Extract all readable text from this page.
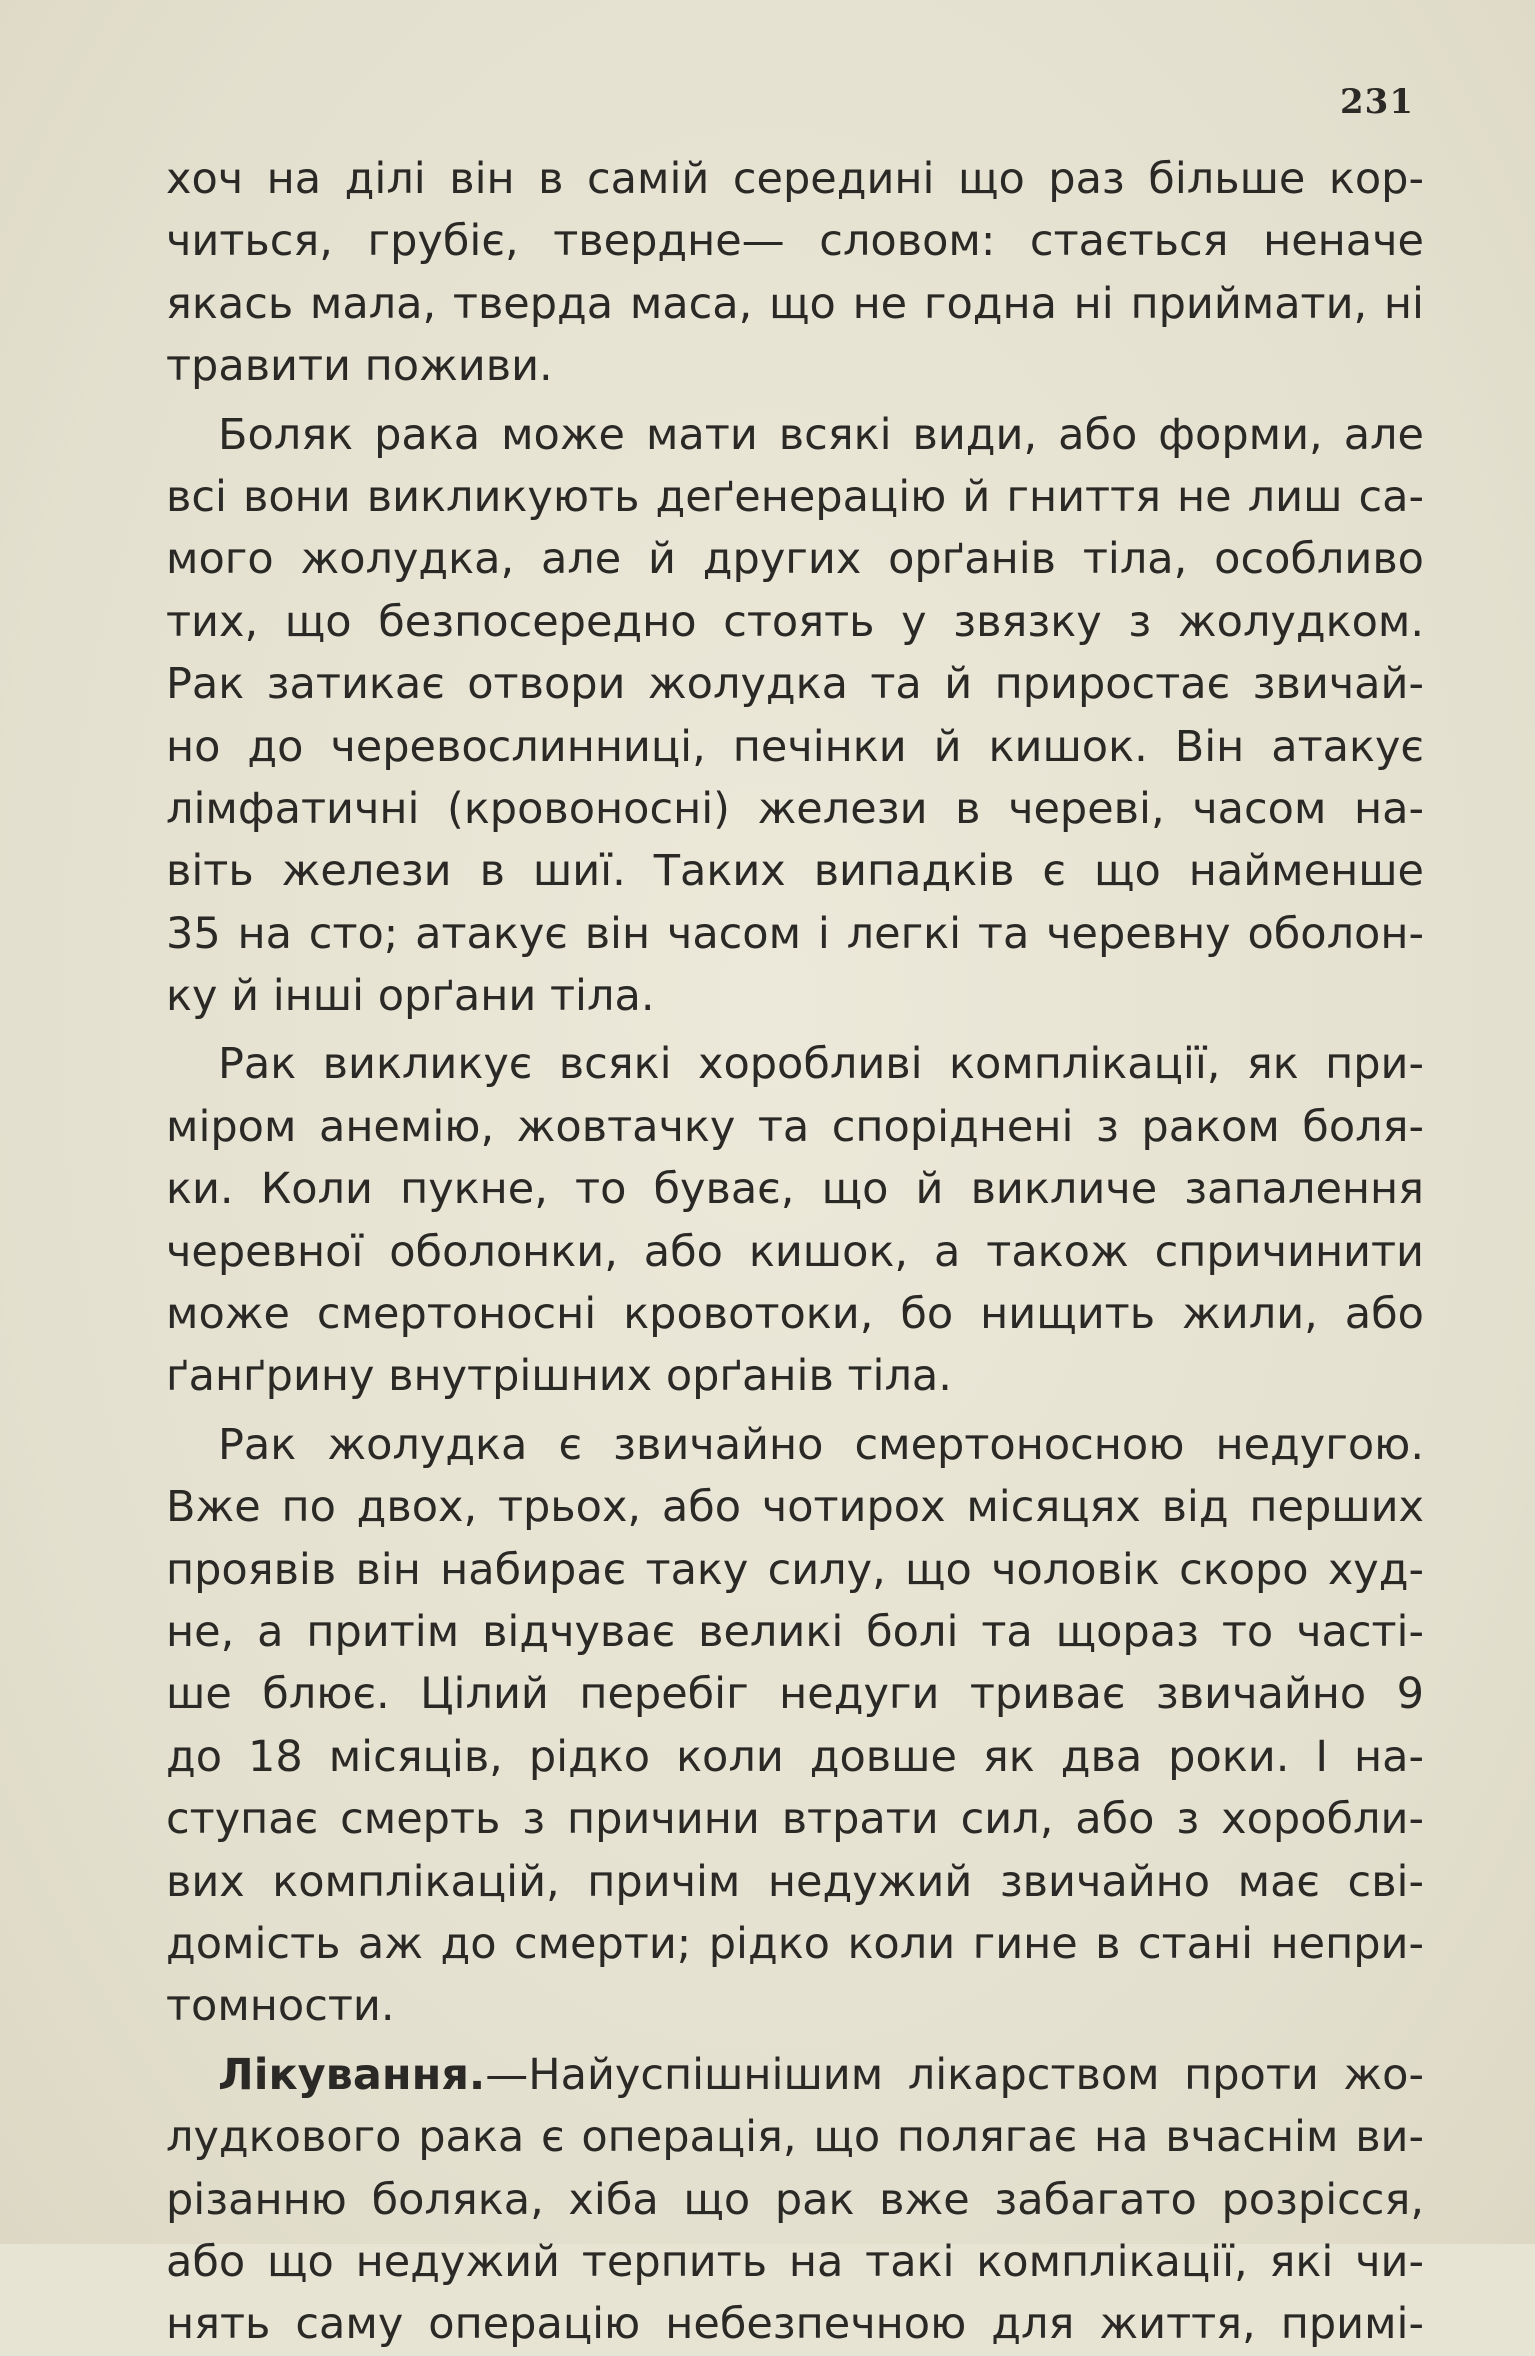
231
хоч на ділі він в самій середині що раз більше кор-
читься, грубіє, твердне— словом: стається неначе
якась мала, тверда маса, що не годна ні приймати, ні
травити поживи.
Боляк рака може мати всякі види, або форми, але
всі вони викликують деґенерацію й гниття не лиш са-
мого жолудка, але й других орґанів тіла, особливо
тих, що безпосередно стоять у звязку з жолудком.
Рак затикає отвори жолудка та й приростає звичай-
но до черевослинниці, печінки й кишок. Він атакує
лімфатичні (кровоносні) желези в череві, часом на-
віть желези в шиї. Таких випадків є що найменше
35 на сто; атакує він часом і легкі та черевну оболон-
ку й інші орґани тіла.
Рак викликує всякі хоробливі комплікації, як при-
міром анемію, жовтачку та споріднені з раком боля-
ки. Коли пукне, то буває, що й викличе запалення
черевної оболонки, або кишок, а також спричинити
може смертоносні кровотоки, бо нищить жили, або
ґанґрину внутрішних орґанів тіла.
Рак жолудка є звичайно смертоносною недугою.
Вже по двох, трьох, або чотирох місяцях від перших
проявів він набирає таку силу, що чоловік скоро худ-
не, а притім відчуває великі болі та щораз то часті-
ше блює. Цілий перебіг недуги триває звичайно 9
до 18 місяців, рідко коли довше як два роки. І на-
ступає смерть з причини втрати сил, або з хоробли-
вих комплікацій, причім недужий звичайно має сві-
домість аж до смерти; рідко коли гине в стані непри-
томности.
Лікування.—Найуспішнішим лікарством проти жо-
лудкового рака є операція, що полягає на вчаснім ви-
різанню боляка, хіба що рак вже забагато розрісся,
або що недужий терпить на такі комплікації, які чи-
нять саму операцію небезпечною для життя, примі-
